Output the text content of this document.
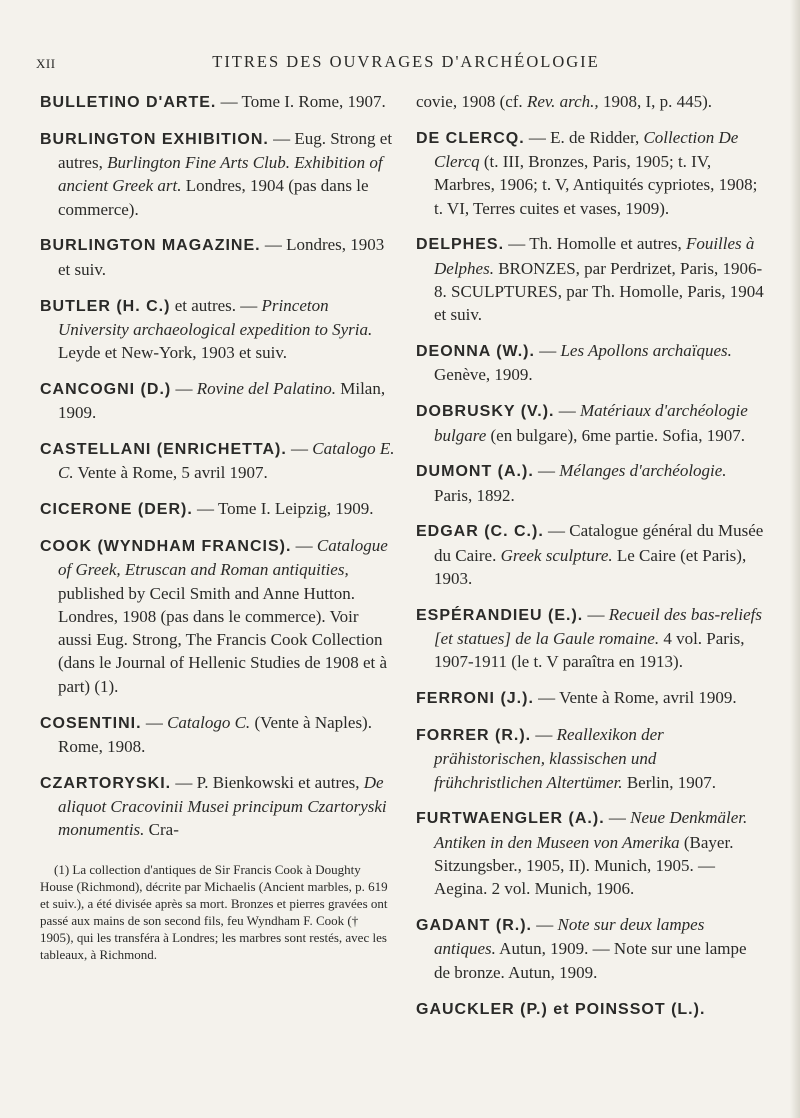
XII	TITRES DES OUVRAGES D'ARCHÉOLOGIE
BULLETINO D'ARTE. — Tome I. Rome, 1907.
BURLINGTON EXHIBITION. — Eug. Strong et autres, Burlington Fine Arts Club. Exhibition of ancient Greek art. Londres, 1904 (pas dans le commerce).
BURLINGTON MAGAZINE. — Londres, 1903 et suiv.
BUTLER (H. C.) et autres. — Princeton University archaeological expedition to Syria. Leyde et New-York, 1903 et suiv.
CANCOGNI (D.) — Rovine del Palatino. Milan, 1909.
CASTELLANI (ENRICHETTA). — Catalogo E. C. Vente à Rome, 5 avril 1907.
CICERONE (DER). — Tome I. Leipzig, 1909.
COOK (WYNDHAM FRANCIS). — Catalogue of Greek, Etruscan and Roman antiquities, published by Cecil Smith and Anne Hutton. Londres, 1908 (pas dans le commerce). Voir aussi Eug. Strong, The Francis Cook Collection (dans le Journal of Hellenic Studies de 1908 et à part) (1).
COSENTINI. — Catalogo C. (Vente à Naples). Rome, 1908.
CZARTORYSKI. — P. Bienkowski et autres, De aliquot Cracovinii Musei principum Czartoryski monumentis. Cra-

(1) La collection d'antiques de Sir Francis Cook à Doughty House (Richmond), décrite par Michaelis (Ancient marbles, p. 619 et suiv.), a été divisée après sa mort. Bronzes et pierres gravées ont passé aux mains de son second fils, feu Wyndham F. Cook († 1905), qui les transféra à Londres; les marbres sont restés, avec les tableaux, à Richmond.

covie, 1908 (cf. Rev. arch., 1908, I, p. 445).
DE CLERCQ. — E. de Ridder, Collection De Clercq (t. III, Bronzes, Paris, 1905; t. IV, Marbres, 1906; t. V, Antiquités cypriotes, 1908; t. VI, Terres cuites et vases, 1909).
DELPHES. — Th. Homolle et autres, Fouilles à Delphes. BRONZES, par Perdrizet, Paris, 1906-8. SCULPTURES, par Th. Homolle, Paris, 1904 et suiv.
DEONNA (W.). — Les Apollons archaïques. Genève, 1909.
DOBRUSKY (V.). — Matériaux d'archéologie bulgare (en bulgare), 6me partie. Sofia, 1907.
DUMONT (A.). — Mélanges d'archéologie. Paris, 1892.
EDGAR (C. C.). — Catalogue général du Musée du Caire. Greek sculpture. Le Caire (et Paris), 1903.
ESPÉRANDIEU (E.). — Recueil des bas-reliefs [et statues] de la Gaule romaine. 4 vol. Paris, 1907-1911 (le t. V paraîtra en 1913).
FERRONI (J.). — Vente à Rome, avril 1909.
FORRER (R.). — Reallexikon der prähistorischen, klassischen und frühchristlichen Altertümer. Berlin, 1907.
FURTWAENGLER (A.). — Neue Denkmäler. Antiken in den Museen von Amerika (Bayer. Sitzungsber., 1905, II). Munich, 1905. — Aegina. 2 vol. Munich, 1906.
GADANT (R.). — Note sur deux lampes antiques. Autun, 1909. — Note sur une lampe de bronze. Autun, 1909.
GAUCKLER (P.) et POINSSOT (L.).
